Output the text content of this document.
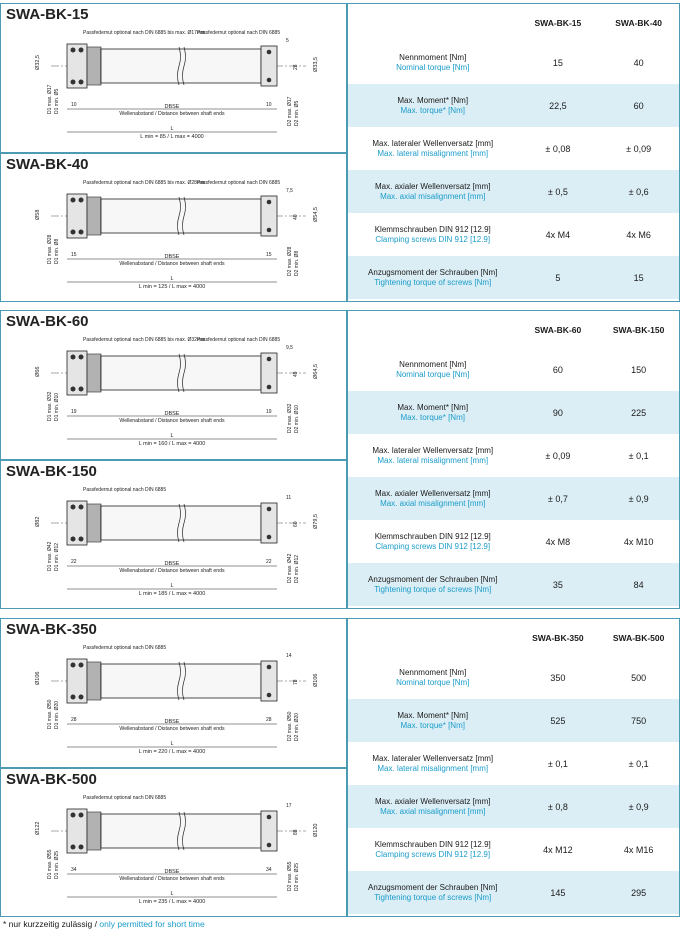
SWA-BK-15
Passfedernut optional nach DIN 6885 bis max. Ø17mm
Passfedernut optional nach DIN 6885
Ø32,5
D1 max. Ø17 D1 min. Ø5 10	10
5
28	Ø33,5
D2 max. Ø17 D2 min. Ø5
DBSE
Wellenabstand / Distance between shaft ends
L
L min = 85 / L max = 4000
SWA-BK-40
Passfedernut optional nach DIN 6885 bis max. Ø28mm
Passfedernut optional nach DIN 6885
Ø58
D1 max. Ø28 D1 min. Ø8 15	15
7,5
40	Ø54,5
D2 max. Ø28 D2 min. Ø8
DBSE
Wellenabstand / Distance between shaft ends
L
L min = 125 / L max = 4000
SWA-BK-15	SWA-BK-40
Nennmoment [Nm]
Nominal torque [Nm]	15	40
Max. Moment* [Nm]
Max. torque* [Nm]	22,5	60
Max. lateraler Wellenversatz [mm]
Max. lateral misalignment [mm]	± 0,08	± 0,09
Max. axialer Wellenversatz [mm]
Max. axial misalignment [mm]	± 0,5	± 0,6
Klemmschrauben DIN 912 [12.9]
Clamping screws DIN 912 [12.9]	4x M4	4x M6
Anzugsmoment der Schrauben [Nm]
Tightening torque of screws [Nm]	5	15
SWA-BK-60
Passfedernut optional nach DIN 6885 bis max. Ø32mm
Passfedernut optional nach DIN 6885
Ø66
D1 max. Ø32 D1 min. Ø10 19	19
9,5
49	Ø64,5
D2 max. Ø32 D2 min. Ø10
DBSE
Wellenabstand / Distance between shaft ends
L
L min = 160 / L max = 4000
SWA-BK-150
Passfedernut optional nach DIN 6885
Ø82
D1 max. Ø42 D1 min. Ø12 22	22
11
60	Ø79,5
D2 max. Ø42 D2 min. Ø12
DBSE
Wellenabstand / Distance between shaft ends
L
L min = 185 / L max = 4000
SWA-BK-60	SWA-BK-150
Nennmoment [Nm]
Nominal torque [Nm]	60	150
Max. Moment* [Nm]
Max. torque* [Nm]	90	225
Max. lateraler Wellenversatz [mm]
Max. lateral misalignment [mm]	± 0,09	± 0,1
Max. axialer Wellenversatz [mm]
Max. axial misalignment [mm]	± 0,7	± 0,9
Klemmschrauben DIN 912 [12.9]
Clamping screws DIN 912 [12.9]	4x M8	4x M10
Anzugsmoment der Schrauben [Nm]
Tightening torque of screws [Nm]	35	84
SWA-BK-350
Passfedernut optional nach DIN 6885
Ø106
D1 max. Ø50 D1 min. Ø20 28	28
14
78	Ø106
D2 max. Ø50 D2 min. Ø20
DBSE
Wellenabstand / Distance between shaft ends
L
L min = 220 / L max = 4000
SWA-BK-500
Passfedernut optional nach DIN 6885
Ø122
D1 max. Ø55 D1 min. Ø25 34	34
17
88	Ø120
D2 max. Ø55 D2 min. Ø25
DBSE
Wellenabstand / Distance between shaft ends
L
L min = 235 / L max = 4000
SWA-BK-350	SWA-BK-500
Nennmoment [Nm]
Nominal torque [Nm]	350	500
Max. Moment* [Nm]
Max. torque* [Nm]	525	750
Max. lateraler Wellenversatz [mm]
Max. lateral misalignment [mm]	± 0,1	± 0,1
Max. axialer Wellenversatz [mm]
Max. axial misalignment [mm]	± 0,8	± 0,9
Klemmschrauben DIN 912 [12.9]
Clamping screws DIN 912 [12.9]	4x M12	4x M16
Anzugsmoment der Schrauben [Nm]
Tightening torque of screws [Nm]	145	295
* nur kurzzeitig zulässig / only permitted for short time
